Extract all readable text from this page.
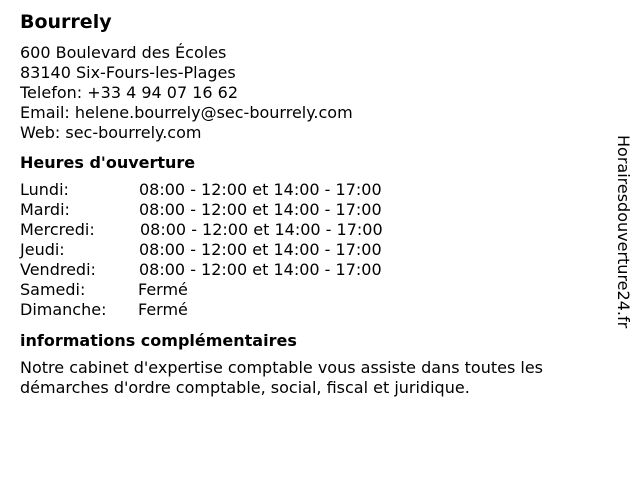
Bourrely
600 Boulevard des Écoles
83140 Six-Fours-les-Plages
Telefon: +33 4 94 07 16 62
Email: helene.bourrely@sec-bourrely.com
Web: sec-bourrely.com
Heures d'ouverture
Lundi:	08:00 - 12:00 et 14:00 - 17:00
Mardi:	08:00 - 12:00 et 14:00 - 17:00
Mercredi:	08:00 - 12:00 et 14:00 - 17:00
Jeudi:	08:00 - 12:00 et 14:00 - 17:00
Vendredi:	08:00 - 12:00 et 14:00 - 17:00
Samedi:	Fermé
Dimanche: Fermé
informations complémentaires
Notre cabinet d'expertise comptable vous assiste dans toutes les démarches d'ordre comptable, social, fiscal et juridique.
Horairesdouverture24.fr
